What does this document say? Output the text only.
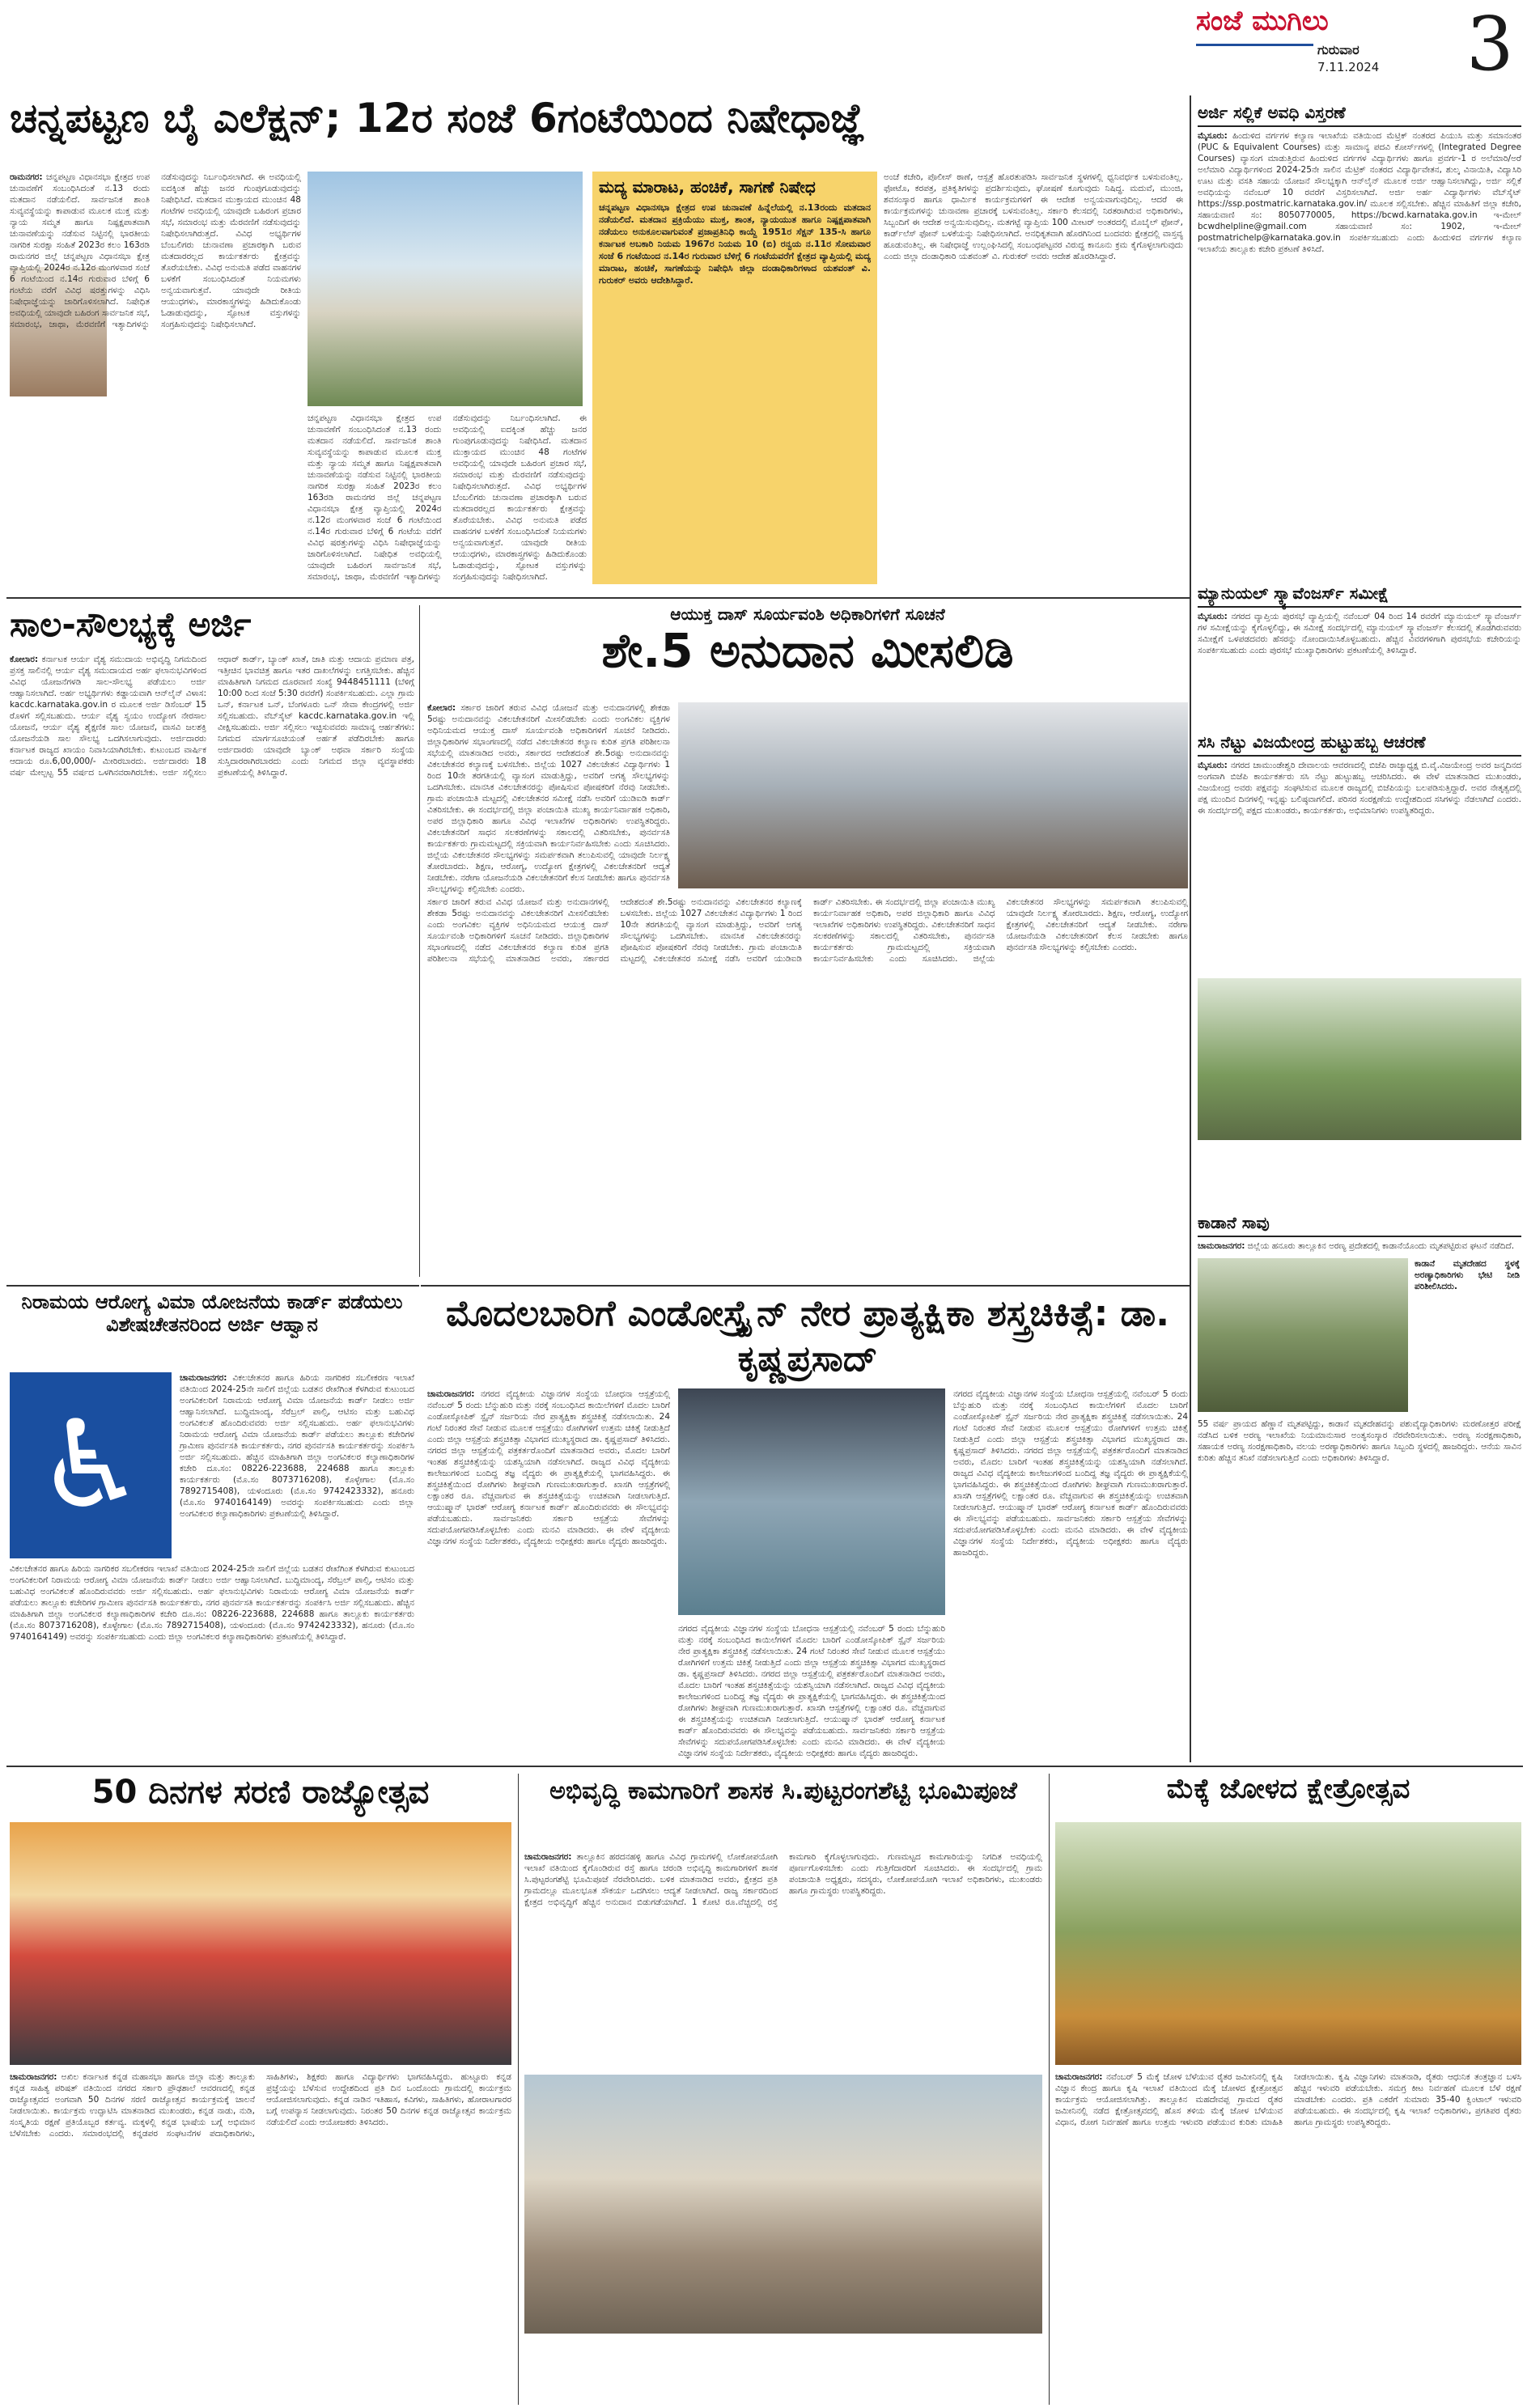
ಸಂಜೆ ಮುಗಿಲು
ಗುರುವಾರ
7.11.2024 3
ಚನ್ನಪಟ್ಟಣ ಬೈ ಎಲೆಕ್ಷನ್; 12ರ ಸಂಜೆ 6ಗಂಟೆಯಿಂದ ನಿಷೇಧಾಜ್ಞೆ
ರಾಮನಗರ: ಚನ್ನಪಟ್ಟಣ ವಿಧಾನಸಭಾ ಕ್ಷೇತ್ರದ ಉಪ ಚುನಾವಣೆಗೆ ಸಂಬಂಧಿಸಿದಂತೆ ನ.13 ರಂದು ಮತದಾನ ನಡೆಯಲಿದೆ. ಸಾರ್ವಜನಿಕ ಶಾಂತಿ ಸುವ್ಯವಸ್ಥೆಯನ್ನು ಕಾಪಾಡುವ ಮೂಲಕ ಮುಕ್ತ ಮತ್ತು ನ್ಯಾಯ ಸಮ್ಮತ ಹಾಗೂ ನಿಷ್ಪಕ್ಷಪಾತವಾಗಿ ಚುನಾವಣೆಯನ್ನು ನಡೆಸುವ ನಿಟ್ಟಿನಲ್ಲಿ ಭಾರತೀಯ ನಾಗರಿಕ ಸುರಕ್ಷಾ ಸಂಹಿತೆ 2023ರ ಕಲಂ 163ರಡಿ ರಾಮನಗರ ಜಿಲ್ಲೆ ಚನ್ನಪಟ್ಟಣ ವಿಧಾನಸಭಾ ಕ್ಷೇತ್ರ ವ್ಯಾಪ್ತಿಯಲ್ಲಿ 2024ರ ನ.12ರ ಮಂಗಳವಾರ ಸಂಜೆ 6 ಗಂಟೆಯಿಂದ ನ.14ರ ಗುರುವಾರ ಬೆಳಿಗ್ಗೆ 6 ಗಂಟೆಯ ವರೆಗೆ ವಿವಿಧ ಷರತ್ತುಗಳನ್ನು ವಿಧಿಸಿ ನಿಷೇಧಾಜ್ಞೆಯನ್ನು ಜಾರಿಗೊಳಿಸಲಾಗಿದೆ. ನಿಷೇಧಿತ ಅವಧಿಯಲ್ಲಿ ಯಾವುದೇ ಬಹಿರಂಗ ಸಾರ್ವಜನಿಕ ಸಭೆ, ಸಮಾರಂಭ, ಜಾಥಾ, ಮೆರವಣಿಗೆ ಇತ್ಯಾದಿಗಳನ್ನು ನಡೆಸುವುದನ್ನು ನಿರ್ಬಂಧಿಸಲಾಗಿದೆ. ಈ ಅವಧಿಯಲ್ಲಿ ಐದಕ್ಕಿಂತ ಹೆಚ್ಚು ಜನರ ಗುಂಪುಗೂಡುವುದನ್ನು ನಿಷೇಧಿಸಿದೆ. ಮತದಾನ ಮುಕ್ತಾಯದ ಮುಂಚಿನ 48 ಗಂಟೆಗಳ ಅವಧಿಯಲ್ಲಿ ಯಾವುದೇ ಬಹಿರಂಗ ಪ್ರಚಾರ ಸಭೆ, ಸಮಾರಂಭ ಮತ್ತು ಮೆರವಣಿಗೆ ನಡೆಸುವುದನ್ನು ನಿಷೇಧಿಸಲಾಗಿರುತ್ತದೆ. ವಿವಿಧ ಅಭ್ಯರ್ಥಿಗಳ ಬೆಂಬಲಿಗರು ಚುನಾವಣಾ ಪ್ರಚಾರಕ್ಕಾಗಿ ಬರುವ ಮತದಾರರಲ್ಲದ ಕಾರ್ಯಕರ್ತರು ಕ್ಷೇತ್ರವನ್ನು ತೊರೆಯಬೇಕು. ವಿವಿಧ ಅನುಮತಿ ಪಡೆದ ವಾಹನಗಳ ಬಳಕೆಗೆ ಸಂಬಂಧಿಸಿದಂತೆ ನಿಯಮಗಳು ಅನ್ವಯವಾಗುತ್ತವೆ. ಯಾವುದೇ ರೀತಿಯ ಆಯುಧಗಳು, ಮಾರಕಾಸ್ತ್ರಗಳನ್ನು ಹಿಡಿದುಕೊಂಡು ಓಡಾಡುವುದನ್ನು, ಸ್ಫೋಟಕ ವಸ್ತುಗಳನ್ನು ಸಂಗ್ರಹಿಸುವುದನ್ನು ನಿಷೇಧಿಸಲಾಗಿದೆ.
ಚನ್ನಪಟ್ಟಣ ವಿಧಾನಸಭಾ ಕ್ಷೇತ್ರದ ಉಪ ಚುನಾವಣೆಗೆ ಸಂಬಂಧಿಸಿದಂತೆ ನ.13 ರಂದು ಮತದಾನ ನಡೆಯಲಿದೆ. ಸಾರ್ವಜನಿಕ ಶಾಂತಿ ಸುವ್ಯವಸ್ಥೆಯನ್ನು ಕಾಪಾಡುವ ಮೂಲಕ ಮುಕ್ತ ಮತ್ತು ನ್ಯಾಯ ಸಮ್ಮತ ಹಾಗೂ ನಿಷ್ಪಕ್ಷಪಾತವಾಗಿ ಚುನಾವಣೆಯನ್ನು ನಡೆಸುವ ನಿಟ್ಟಿನಲ್ಲಿ ಭಾರತೀಯ ನಾಗರಿಕ ಸುರಕ್ಷಾ ಸಂಹಿತೆ 2023ರ ಕಲಂ 163ರಡಿ ರಾಮನಗರ ಜಿಲ್ಲೆ ಚನ್ನಪಟ್ಟಣ ವಿಧಾನಸಭಾ ಕ್ಷೇತ್ರ ವ್ಯಾಪ್ತಿಯಲ್ಲಿ 2024ರ ನ.12ರ ಮಂಗಳವಾರ ಸಂಜೆ 6 ಗಂಟೆಯಿಂದ ನ.14ರ ಗುರುವಾರ ಬೆಳಿಗ್ಗೆ 6 ಗಂಟೆಯ ವರೆಗೆ ವಿವಿಧ ಷರತ್ತುಗಳನ್ನು ವಿಧಿಸಿ ನಿಷೇಧಾಜ್ಞೆಯನ್ನು ಜಾರಿಗೊಳಿಸಲಾಗಿದೆ. ನಿಷೇಧಿತ ಅವಧಿಯಲ್ಲಿ ಯಾವುದೇ ಬಹಿರಂಗ ಸಾರ್ವಜನಿಕ ಸಭೆ, ಸಮಾರಂಭ, ಜಾಥಾ, ಮೆರವಣಿಗೆ ಇತ್ಯಾದಿಗಳನ್ನು ನಡೆಸುವುದನ್ನು ನಿರ್ಬಂಧಿಸಲಾಗಿದೆ. ಈ ಅವಧಿಯಲ್ಲಿ ಐದಕ್ಕಿಂತ ಹೆಚ್ಚು ಜನರ ಗುಂಪುಗೂಡುವುದನ್ನು ನಿಷೇಧಿಸಿದೆ. ಮತದಾನ ಮುಕ್ತಾಯದ ಮುಂಚಿನ 48 ಗಂಟೆಗಳ ಅವಧಿಯಲ್ಲಿ ಯಾವುದೇ ಬಹಿರಂಗ ಪ್ರಚಾರ ಸಭೆ, ಸಮಾರಂಭ ಮತ್ತು ಮೆರವಣಿಗೆ ನಡೆಸುವುದನ್ನು ನಿಷೇಧಿಸಲಾಗಿರುತ್ತದೆ. ವಿವಿಧ ಅಭ್ಯರ್ಥಿಗಳ ಬೆಂಬಲಿಗರು ಚುನಾವಣಾ ಪ್ರಚಾರಕ್ಕಾಗಿ ಬರುವ ಮತದಾರರಲ್ಲದ ಕಾರ್ಯಕರ್ತರು ಕ್ಷೇತ್ರವನ್ನು ತೊರೆಯಬೇಕು. ವಿವಿಧ ಅನುಮತಿ ಪಡೆದ ವಾಹನಗಳ ಬಳಕೆಗೆ ಸಂಬಂಧಿಸಿದಂತೆ ನಿಯಮಗಳು ಅನ್ವಯವಾಗುತ್ತವೆ. ಯಾವುದೇ ರೀತಿಯ ಆಯುಧಗಳು, ಮಾರಕಾಸ್ತ್ರಗಳನ್ನು ಹಿಡಿದುಕೊಂಡು ಓಡಾಡುವುದನ್ನು, ಸ್ಫೋಟಕ ವಸ್ತುಗಳನ್ನು ಸಂಗ್ರಹಿಸುವುದನ್ನು ನಿಷೇಧಿಸಲಾಗಿದೆ.
ಮದ್ಯ ಮಾರಾಟ, ಹಂಚಿಕೆ, ಸಾಗಣೆ ನಿಷೇಧ
ಚನ್ನಪಟ್ಟಣ ವಿಧಾನಸಭಾ ಕ್ಷೇತ್ರದ ಉಪ ಚುನಾವಣೆ ಹಿನ್ನೆಲೆಯಲ್ಲಿ ನ.13ರಂದು ಮತದಾನ ನಡೆಯಲಿದೆ. ಮತದಾನ ಪ್ರಕ್ರಿಯೆಯು ಮುಕ್ತ, ಶಾಂತ, ನ್ಯಾಯಯುತ ಹಾಗೂ ನಿಷ್ಪಕ್ಷಪಾತವಾಗಿ ನಡೆಯಲು ಅನುಕೂಲವಾಗುವಂತೆ ಪ್ರಜಾಪ್ರತಿನಿಧಿ ಕಾಯ್ದೆ 1951ರ ಸೆಕ್ಷನ್ 135-ಸಿ ಹಾಗೂ ಕರ್ನಾಟಕ ಅಬಕಾರಿ ನಿಯಮ 1967ರ ನಿಯಮ 10 (ಬಿ) ರನ್ವಯ ನ.11ರ ಸೋಮವಾರ ಸಂಜೆ 6 ಗಂಟೆಯಿಂದ ನ.14ರ ಗುರುವಾರ ಬೆಳಿಗ್ಗೆ 6 ಗಂಟೆಯವರೆಗೆ ಕ್ಷೇತ್ರದ ವ್ಯಾಪ್ತಿಯಲ್ಲಿ ಮದ್ಯ ಮಾರಾಟ, ಹಂಚಿಕೆ, ಸಾಗಣೆಯನ್ನು ನಿಷೇಧಿಸಿ ಜಿಲ್ಲಾ ದಂಡಾಧಿಕಾರಿಗಳಾದ ಯಶವಂತ್ ವಿ. ಗುರುಕರ್ ಅವರು ಆದೇಶಿಸಿದ್ದಾರೆ.
ಅಂಚೆ ಕಚೇರಿ, ಪೊಲೀಸ್ ಠಾಣೆ, ಆಸ್ಪತ್ರೆ ಹೊರತುಪಡಿಸಿ ಸಾರ್ವಜನಿಕ ಸ್ಥಳಗಳಲ್ಲಿ ಧ್ವನಿವರ್ಧಕ ಬಳಸುವಂತಿಲ್ಲ. ಫೋಟೊ, ಕರಪತ್ರ, ಪ್ರತಿಕೃತಿಗಳನ್ನು ಪ್ರದರ್ಶಿಸುವುದು, ಘೋಷಣೆ ಕೂಗುವುದು ನಿಷಿದ್ಧ. ಮದುವೆ, ಮುಂಜಿ, ಶವಸಂಸ್ಕಾರ ಹಾಗೂ ಧಾರ್ಮಿಕ ಕಾರ್ಯಕ್ರಮಗಳಿಗೆ ಈ ಆದೇಶ ಅನ್ವಯವಾಗುವುದಿಲ್ಲ. ಆದರೆ ಈ ಕಾರ್ಯಕ್ರಮಗಳನ್ನು ಚುನಾವಣಾ ಪ್ರಚಾರಕ್ಕೆ ಬಳಸುವಂತಿಲ್ಲ. ಸರ್ಕಾರಿ ಕೆಲಸದಲ್ಲಿ ನಿರತರಾಗಿರುವ ಅಧಿಕಾರಿಗಳು, ಸಿಬ್ಬಂದಿಗೆ ಈ ಆದೇಶ ಅನ್ವಯಿಸುವುದಿಲ್ಲ. ಮತಗಟ್ಟೆ ವ್ಯಾಪ್ತಿಯ 100 ಮೀಟರ್ ಅಂತರದಲ್ಲಿ ಮೊಬೈಲ್ ಫೋನ್, ಕಾರ್ಡ್‌ಲೆಸ್ ಫೋನ್ ಬಳಕೆಯನ್ನು ನಿಷೇಧಿಸಲಾಗಿದೆ. ಅನಧಿಕೃತವಾಗಿ ಹೊರಗಿನಿಂದ ಬಂದವರು ಕ್ಷೇತ್ರದಲ್ಲಿ ವಾಸ್ತವ್ಯ ಹೂಡುವಂತಿಲ್ಲ. ಈ ನಿಷೇಧಾಜ್ಞೆ ಉಲ್ಲಂಘಿಸಿದಲ್ಲಿ ಸಂಬಂಧಪಟ್ಟವರ ವಿರುದ್ಧ ಕಾನೂನು ಕ್ರಮ ಕೈಗೊಳ್ಳಲಾಗುವುದು ಎಂದು ಜಿಲ್ಲಾ ದಂಡಾಧಿಕಾರಿ ಯಶವಂತ್ ವಿ. ಗುರುಕರ್ ಅವರು ಆದೇಶ ಹೊರಡಿಸಿದ್ದಾರೆ.
ಅರ್ಜಿ ಸಲ್ಲಿಕೆ ಅವಧಿ ವಿಸ್ತರಣೆ
ಮೈಸೂರು: ಹಿಂದುಳಿದ ವರ್ಗಗಳ ಕಲ್ಯಾಣ ಇಲಾಖೆಯ ವತಿಯಿಂದ ಮೆಟ್ರಿಕ್ ನಂತರದ ಪಿಯುಸಿ ಮತ್ತು ಸಮಾನಂತರ (PUC & Equivalent Courses) ಮತ್ತು ಸಾಮಾನ್ಯ ಪದವಿ ಕೋರ್ಸ್‌ಗಳಲ್ಲಿ (Integrated Degree Courses) ವ್ಯಾಸಂಗ ಮಾಡುತ್ತಿರುವ ಹಿಂದುಳಿದ ವರ್ಗಗಳ ವಿದ್ಯಾರ್ಥಿಗಳು ಹಾಗೂ ಪ್ರವರ್ಗ-1 ರ ಅಲೆಮಾರಿ/ಅರೆ ಅಲೆಮಾರಿ ವಿದ್ಯಾರ್ಥಿಗಳಿಂದ 2024-25ನೇ ಸಾಲಿನ ಮೆಟ್ರಿಕ್ ನಂತರದ ವಿದ್ಯಾರ್ಥಿವೇತನ, ಶುಲ್ಕ ವಿನಾಯಿತಿ, ವಿದ್ಯಾಸಿರಿ ಊಟ ಮತ್ತು ವಸತಿ ಸಹಾಯ ಯೋಜನೆ ಸೌಲಭ್ಯಕ್ಕಾಗಿ ಆನ್‌ಲೈನ್ ಮೂಲಕ ಅರ್ಜಿ ಆಹ್ವಾನಿಸಲಾಗಿದ್ದು, ಅರ್ಜಿ ಸಲ್ಲಿಕೆ ಅವಧಿಯನ್ನು ನವೆಂಬರ್ 10 ರವರೆಗೆ ವಿಸ್ತರಿಸಲಾಗಿದೆ. ಅರ್ಜಿ ಅರ್ಹ ವಿದ್ಯಾರ್ಥಿಗಳು ವೆಬ್‌ಸೈಟ್ https://ssp.postmatric.karnataka.gov.in/ ಮೂಲಕ ಸಲ್ಲಿಸಬೇಕು. ಹೆಚ್ಚಿನ ಮಾಹಿತಿಗೆ ಜಿಲ್ಲಾ ಕಚೇರಿ, ಸಹಾಯವಾಣಿ ಸಂ: 8050770005, https://bcwd.karnataka.gov.in ಇ-ಮೇಲ್ bcwdhelpline@gmail.com ಸಹಾಯವಾಣಿ ಸಂ: 1902, ಇ-ಮೇಲ್ postmatrichelp@karnataka.gov.in ಸಂಪರ್ಕಿಸಬಹುದು ಎಂದು ಹಿಂದುಳಿದ ವರ್ಗಗಳ ಕಲ್ಯಾಣ ಇಲಾಖೆಯ ತಾಲ್ಲೂಕು ಕಚೇರಿ ಪ್ರಕಟಣೆ ತಿಳಿಸಿದೆ.
ಮ್ಯಾನುಯಲ್ ಸ್ಕ್ಯಾವೆಂಜರ್ಸ್ ಸಮೀಕ್ಷೆ
ಮೈಸೂರು: ನಗರದ ವ್ಯಾಪ್ತಿಯ ಪುರಸಭೆ ವ್ಯಾಪ್ತಿಯಲ್ಲಿ ನವೆಂಬರ್ 04 ರಿಂದ 14 ರವರೆಗೆ ಮ್ಯಾನುಯಲ್ ಸ್ಕ್ಯಾವೆಂಜರ್ಸ್ ಗಳ ಸಮೀಕ್ಷೆಯನ್ನು ಕೈಗೊಳ್ಳಲಿದ್ದು, ಈ ಸಮೀಕ್ಷೆ ಸಂದರ್ಭದಲ್ಲಿ ಮ್ಯಾನುಯಲ್ ಸ್ಕ್ಯಾವೆಂಜರ್ಸ್ ಕೆಲಸದಲ್ಲಿ ತೊಡಗಿರುವವರು ಸಮೀಕ್ಷೆಗೆ ಒಳಪಡದವರು ಹೆಸರನ್ನು ನೋಂದಾಯಿಸಿಕೊಳ್ಳಬಹುದು. ಹೆಚ್ಚಿನ ವಿವರಗಳಿಗಾಗಿ ಪುರಸಭೆಯ ಕಚೇರಿಯನ್ನು ಸಂಪರ್ಕಿಸಬಹುದು ಎಂದು ಪುರಸಭೆ ಮುಖ್ಯಾಧಿಕಾರಿಗಳು ಪ್ರಕಟಣೆಯಲ್ಲಿ ತಿಳಿಸಿದ್ದಾರೆ.
ಸಸಿ ನೆಟ್ಟು ವಿಜಯೇಂದ್ರ ಹುಟ್ಟುಹಬ್ಬ ಆಚರಣೆ
ಮೈಸೂರು: ನಗರದ ಚಾಮುಂಡೇಶ್ವರಿ ದೇವಾಲಯ ಆವರಣದಲ್ಲಿ ಬಿಜೆಪಿ ರಾಜ್ಯಾಧ್ಯಕ್ಷ ಬಿ.ವೈ.ವಿಜಯೇಂದ್ರ ಅವರ ಜನ್ಮದಿನದ ಅಂಗವಾಗಿ ಬಿಜೆಪಿ ಕಾರ್ಯಕರ್ತರು ಸಸಿ ನೆಟ್ಟು ಹುಟ್ಟುಹಬ್ಬ ಆಚರಿಸಿದರು. ಈ ವೇಳೆ ಮಾತನಾಡಿದ ಮುಖಂಡರು, ವಿಜಯೇಂದ್ರ ಅವರು ಪಕ್ಷವನ್ನು ಸಂಘಟಿಸುವ ಮೂಲಕ ರಾಜ್ಯದಲ್ಲಿ ಬಿಜೆಪಿಯನ್ನು ಬಲಪಡಿಸುತ್ತಿದ್ದಾರೆ. ಅವರ ನೇತೃತ್ವದಲ್ಲಿ ಪಕ್ಷ ಮುಂದಿನ ದಿನಗಳಲ್ಲಿ ಇನ್ನಷ್ಟು ಬಲಿಷ್ಠವಾಗಲಿದೆ. ಪರಿಸರ ಸಂರಕ್ಷಣೆಯ ಉದ್ದೇಶದಿಂದ ಸಸಿಗಳನ್ನು ನೆಡಲಾಗಿದೆ ಎಂದರು. ಈ ಸಂದರ್ಭದಲ್ಲಿ ಪಕ್ಷದ ಮುಖಂಡರು, ಕಾರ್ಯಕರ್ತರು, ಅಭಿಮಾನಿಗಳು ಉಪಸ್ಥಿತರಿದ್ದರು.
ಕಾಡಾನೆ ಸಾವು
ಚಾಮರಾಜನಗರ: ಜಿಲ್ಲೆಯ ಹನೂರು ತಾಲ್ಲೂಕಿನ ಅರಣ್ಯ ಪ್ರದೇಶದಲ್ಲಿ ಕಾಡಾನೆಯೊಂದು ಮೃತಪಟ್ಟಿರುವ ಘಟನೆ ನಡೆದಿದೆ.
ಕಾಡಾನೆ ಮೃತದೇಹದ ಸ್ಥಳಕ್ಕೆ ಅರಣ್ಯಾಧಿಕಾರಿಗಳು ಭೇಟಿ ನೀಡಿ ಪರಿಶೀಲಿಸಿದರು.
55 ವರ್ಷ ಪ್ರಾಯದ ಹೆಣ್ಣಾನೆ ಮೃತಪಟ್ಟಿದ್ದು, ಕಾಡಾನೆ ಮೃತದೇಹವನ್ನು ಪಶುವೈದ್ಯಾಧಿಕಾರಿಗಳು ಮರಣೋತ್ತರ ಪರೀಕ್ಷೆ ನಡೆಸಿದ ಬಳಿಕ ಅರಣ್ಯ ಇಲಾಖೆಯ ನಿಯಮಾನುಸಾರ ಅಂತ್ಯಸಂಸ್ಕಾರ ನೆರವೇರಿಸಲಾಯಿತು. ಅರಣ್ಯ ಸಂರಕ್ಷಣಾಧಿಕಾರಿ, ಸಹಾಯಕ ಅರಣ್ಯ ಸಂರಕ್ಷಣಾಧಿಕಾರಿ, ವಲಯ ಅರಣ್ಯಾಧಿಕಾರಿಗಳು ಹಾಗೂ ಸಿಬ್ಬಂದಿ ಸ್ಥಳದಲ್ಲಿ ಹಾಜರಿದ್ದರು. ಆನೆಯ ಸಾವಿನ ಕುರಿತು ಹೆಚ್ಚಿನ ತನಿಖೆ ನಡೆಸಲಾಗುತ್ತಿದೆ ಎಂದು ಅಧಿಕಾರಿಗಳು ತಿಳಿಸಿದ್ದಾರೆ.
ಸಾಲ-ಸೌಲಭ್ಯಕ್ಕೆ ಅರ್ಜಿ
ಕೋಲಾರ: ಕರ್ನಾಟಕ ಆರ್ಯ ವೈಶ್ಯ ಸಮುದಾಯ ಅಭಿವೃದ್ಧಿ ನಿಗಮದಿಂದ ಪ್ರಸಕ್ತ ಸಾಲಿನಲ್ಲಿ ಆರ್ಯ ವೈಶ್ಯ ಸಮುದಾಯದ ಅರ್ಹ ಫಲಾನುಭವಿಗಳಿಂದ ವಿವಿಧ ಯೋಜನೆಗಳಡಿ ಸಾಲ-ಸೌಲಭ್ಯ ಪಡೆಯಲು ಅರ್ಜಿ ಆಹ್ವಾನಿಸಲಾಗಿದೆ. ಅರ್ಹ ಅಭ್ಯರ್ಥಿಗಳು ಕಡ್ಡಾಯವಾಗಿ ಆನ್‌ಲೈನ್ ವಿಳಾಸ: kacdc.karnataka.gov.in ರ ಮೂಲಕ ಅರ್ಜಿ ಡಿಸೆಂಬರ್ 15 ರೊಳಗೆ ಸಲ್ಲಿಸಬಹುದು. ಆರ್ಯ ವೈಶ್ಯ ಸ್ವಯಂ ಉದ್ಯೋಗ ನೇರಸಾಲ ಯೋಜನೆ, ಆರ್ಯ ವೈಶ್ಯ ಶೈಕ್ಷಣಿಕ ಸಾಲ ಯೋಜನೆ, ವಾಸವಿ ಜಲಶಕ್ತಿ ಯೋಜನೆಯಡಿ ಸಾಲ ಸೌಲಭ್ಯ ಒದಗಿಸಲಾಗುವುದು. ಅರ್ಜಿದಾರರು ಕರ್ನಾಟಕ ರಾಜ್ಯದ ಖಾಯಂ ನಿವಾಸಿಯಾಗಿರಬೇಕು. ಕುಟುಂಬದ ವಾರ್ಷಿಕ ಆದಾಯ ರೂ.6,00,000/- ಮೀರಿರಬಾರದು. ಅರ್ಜಿದಾರರು 18 ವರ್ಷ ಮೇಲ್ಪಟ್ಟ 55 ವರ್ಷದ ಒಳಗಿನವರಾಗಿರಬೇಕು. ಅರ್ಜಿ ಸಲ್ಲಿಸಲು ಆಧಾರ್ ಕಾರ್ಡ್, ಬ್ಯಾಂಕ್ ಖಾತೆ, ಜಾತಿ ಮತ್ತು ಆದಾಯ ಪ್ರಮಾಣ ಪತ್ರ, ಇತ್ತೀಚಿನ ಭಾವಚಿತ್ರ ಹಾಗೂ ಇತರ ದಾಖಲೆಗಳನ್ನು ಲಗತ್ತಿಸಬೇಕು. ಹೆಚ್ಚಿನ ಮಾಹಿತಿಗಾಗಿ ನಿಗಮದ ದೂರವಾಣಿ ಸಂಖ್ಯೆ 9448451111 (ಬೆಳಿಗ್ಗೆ 10:00 ರಿಂದ ಸಂಜೆ 5:30 ರವರೆಗೆ) ಸಂಪರ್ಕಿಸಬಹುದು. ಎಲ್ಲಾ ಗ್ರಾಮ ಒನ್, ಕರ್ನಾಟಕ ಒನ್, ಬೆಂಗಳೂರು ಒನ್ ಸೇವಾ ಕೇಂದ್ರಗಳಲ್ಲಿ ಅರ್ಜಿ ಸಲ್ಲಿಸಬಹುದು. ವೆಬ್‌ಸೈಟ್ kacdc.karnataka.gov.in ಇಲ್ಲಿ ವೀಕ್ಷಿಸಬಹುದು. ಅರ್ಜಿ ಸಲ್ಲಿಸಲು ಇಚ್ಛಿಸುವವರು ಸಾಮಾನ್ಯ ಆರ್ಹತೆಗಳು: ನಿಗಮದ ಮಾರ್ಗಸೂಚಿಯಂತೆ ಅರ್ಹತೆ ಪಡೆದಿರಬೇಕು ಹಾಗೂ ಅರ್ಜಿದಾರರು ಯಾವುದೇ ಬ್ಯಾಂಕ್ ಅಥವಾ ಸರ್ಕಾರಿ ಸಂಸ್ಥೆಯ ಸುಸ್ತಿದಾರರಾಗಿರಬಾರದು ಎಂದು ನಿಗಮದ ಜಿಲ್ಲಾ ವ್ಯವಸ್ಥಾಪಕರು ಪ್ರಕಟಣೆಯಲ್ಲಿ ತಿಳಿಸಿದ್ದಾರೆ.
ಆಯುಕ್ತ ದಾಸ್ ಸೂರ್ಯವಂಶಿ ಅಧಿಕಾರಿಗಳಿಗೆ ಸೂಚನೆ
ಶೇ.5 ಅನುದಾನ ಮೀಸಲಿಡಿ
ಕೋಲಾರ: ಸರ್ಕಾರ ಜಾರಿಗೆ ತರುವ ವಿವಿಧ ಯೋಜನೆ ಮತ್ತು ಅನುದಾನಗಳಲ್ಲಿ ಶೇಕಡಾ 5ರಷ್ಟು ಅನುದಾನವನ್ನು ವಿಕಲಚೇತನರಿಗೆ ಮೀಸಲಿಡಬೇಕು ಎಂದು ಅಂಗವಿಕಲ ವ್ಯಕ್ತಿಗಳ ಅಧಿನಿಯಮದ ಆಯುಕ್ತ ದಾಸ್ ಸೂರ್ಯವಂಶಿ ಅಧಿಕಾರಿಗಳಿಗೆ ಸೂಚನೆ ನೀಡಿದರು. ಜಿಲ್ಲಾಧಿಕಾರಿಗಳ ಸಭಾಂಗಣದಲ್ಲಿ ನಡೆದ ವಿಕಲಚೇತನರ ಕಲ್ಯಾಣ ಕುರಿತ ಪ್ರಗತಿ ಪರಿಶೀಲನಾ ಸಭೆಯಲ್ಲಿ ಮಾತನಾಡಿದ ಅವರು, ಸರ್ಕಾರದ ಆದೇಶದಂತೆ ಶೇ.5ರಷ್ಟು ಅನುದಾನವನ್ನು ವಿಕಲಚೇತನರ ಕಲ್ಯಾಣಕ್ಕೆ ಬಳಸಬೇಕು. ಜಿಲ್ಲೆಯ 1027 ವಿಕಲಚೇತನ ವಿದ್ಯಾರ್ಥಿಗಳು 1 ರಿಂದ 10ನೇ ತರಗತಿಯಲ್ಲಿ ವ್ಯಾಸಂಗ ಮಾಡುತ್ತಿದ್ದು, ಅವರಿಗೆ ಅಗತ್ಯ ಸೌಲಭ್ಯಗಳನ್ನು ಒದಗಿಸಬೇಕು. ಮಾನಸಿಕ ವಿಕಲಚೇತನರನ್ನು ಪೋಷಿಸುವ ಪೋಷಕರಿಗೆ ನೆರವು ನೀಡಬೇಕು. ಗ್ರಾಮ ಪಂಚಾಯಿತಿ ಮಟ್ಟದಲ್ಲಿ ವಿಕಲಚೇತನರ ಸಮೀಕ್ಷೆ ನಡೆಸಿ ಅವರಿಗೆ ಯುಡಿಐಡಿ ಕಾರ್ಡ್ ವಿತರಿಸಬೇಕು. ಈ ಸಂದರ್ಭದಲ್ಲಿ ಜಿಲ್ಲಾ ಪಂಚಾಯಿತಿ ಮುಖ್ಯ ಕಾರ್ಯನಿರ್ವಾಹಕ ಅಧಿಕಾರಿ, ಅಪರ ಜಿಲ್ಲಾಧಿಕಾರಿ ಹಾಗೂ ವಿವಿಧ ಇಲಾಖೆಗಳ ಅಧಿಕಾರಿಗಳು ಉಪಸ್ಥಿತರಿದ್ದರು. ವಿಕಲಚೇತನರಿಗೆ ಸಾಧನ ಸಲಕರಣೆಗಳನ್ನು ಸಕಾಲದಲ್ಲಿ ವಿತರಿಸಬೇಕು, ಪುನರ್ವಸತಿ ಕಾರ್ಯಕರ್ತರು ಗ್ರಾಮಮಟ್ಟದಲ್ಲಿ ಸಕ್ರಿಯವಾಗಿ ಕಾರ್ಯನಿರ್ವಹಿಸಬೇಕು ಎಂದು ಸೂಚಿಸಿದರು. ಜಿಲ್ಲೆಯ ವಿಕಲಚೇತನರ ಸೌಲಭ್ಯಗಳನ್ನು ಸಮರ್ಪಕವಾಗಿ ತಲುಪಿಸುವಲ್ಲಿ ಯಾವುದೇ ನಿರ್ಲಕ್ಷ್ಯ ತೋರಬಾರದು. ಶಿಕ್ಷಣ, ಆರೋಗ್ಯ, ಉದ್ಯೋಗ ಕ್ಷೇತ್ರಗಳಲ್ಲಿ ವಿಕಲಚೇತನರಿಗೆ ಆದ್ಯತೆ ನೀಡಬೇಕು. ನರೇಗಾ ಯೋಜನೆಯಡಿ ವಿಕಲಚೇತನರಿಗೆ ಕೆಲಸ ನೀಡಬೇಕು ಹಾಗೂ ಪುನರ್ವಸತಿ ಸೌಲಭ್ಯಗಳನ್ನು ಕಲ್ಪಿಸಬೇಕು ಎಂದರು.
ಸರ್ಕಾರ ಜಾರಿಗೆ ತರುವ ವಿವಿಧ ಯೋಜನೆ ಮತ್ತು ಅನುದಾನಗಳಲ್ಲಿ ಶೇಕಡಾ 5ರಷ್ಟು ಅನುದಾನವನ್ನು ವಿಕಲಚೇತನರಿಗೆ ಮೀಸಲಿಡಬೇಕು ಎಂದು ಅಂಗವಿಕಲ ವ್ಯಕ್ತಿಗಳ ಅಧಿನಿಯಮದ ಆಯುಕ್ತ ದಾಸ್ ಸೂರ್ಯವಂಶಿ ಅಧಿಕಾರಿಗಳಿಗೆ ಸೂಚನೆ ನೀಡಿದರು. ಜಿಲ್ಲಾಧಿಕಾರಿಗಳ ಸಭಾಂಗಣದಲ್ಲಿ ನಡೆದ ವಿಕಲಚೇತನರ ಕಲ್ಯಾಣ ಕುರಿತ ಪ್ರಗತಿ ಪರಿಶೀಲನಾ ಸಭೆಯಲ್ಲಿ ಮಾತನಾಡಿದ ಅವರು, ಸರ್ಕಾರದ ಆದೇಶದಂತೆ ಶೇ.5ರಷ್ಟು ಅನುದಾನವನ್ನು ವಿಕಲಚೇತನರ ಕಲ್ಯಾಣಕ್ಕೆ ಬಳಸಬೇಕು. ಜಿಲ್ಲೆಯ 1027 ವಿಕಲಚೇತನ ವಿದ್ಯಾರ್ಥಿಗಳು 1 ರಿಂದ 10ನೇ ತರಗತಿಯಲ್ಲಿ ವ್ಯಾಸಂಗ ಮಾಡುತ್ತಿದ್ದು, ಅವರಿಗೆ ಅಗತ್ಯ ಸೌಲಭ್ಯಗಳನ್ನು ಒದಗಿಸಬೇಕು. ಮಾನಸಿಕ ವಿಕಲಚೇತನರನ್ನು ಪೋಷಿಸುವ ಪೋಷಕರಿಗೆ ನೆರವು ನೀಡಬೇಕು. ಗ್ರಾಮ ಪಂಚಾಯಿತಿ ಮಟ್ಟದಲ್ಲಿ ವಿಕಲಚೇತನರ ಸಮೀಕ್ಷೆ ನಡೆಸಿ ಅವರಿಗೆ ಯುಡಿಐಡಿ ಕಾರ್ಡ್ ವಿತರಿಸಬೇಕು. ಈ ಸಂದರ್ಭದಲ್ಲಿ ಜಿಲ್ಲಾ ಪಂಚಾಯಿತಿ ಮುಖ್ಯ ಕಾರ್ಯನಿರ್ವಾಹಕ ಅಧಿಕಾರಿ, ಅಪರ ಜಿಲ್ಲಾಧಿಕಾರಿ ಹಾಗೂ ವಿವಿಧ ಇಲಾಖೆಗಳ ಅಧಿಕಾರಿಗಳು ಉಪಸ್ಥಿತರಿದ್ದರು. ವಿಕಲಚೇತನರಿಗೆ ಸಾಧನ ಸಲಕರಣೆಗಳನ್ನು ಸಕಾಲದಲ್ಲಿ ವಿತರಿಸಬೇಕು, ಪುನರ್ವಸತಿ ಕಾರ್ಯಕರ್ತರು ಗ್ರಾಮಮಟ್ಟದಲ್ಲಿ ಸಕ್ರಿಯವಾಗಿ ಕಾರ್ಯನಿರ್ವಹಿಸಬೇಕು ಎಂದು ಸೂಚಿಸಿದರು. ಜಿಲ್ಲೆಯ ವಿಕಲಚೇತನರ ಸೌಲಭ್ಯಗಳನ್ನು ಸಮರ್ಪಕವಾಗಿ ತಲುಪಿಸುವಲ್ಲಿ ಯಾವುದೇ ನಿರ್ಲಕ್ಷ್ಯ ತೋರಬಾರದು. ಶಿಕ್ಷಣ, ಆರೋಗ್ಯ, ಉದ್ಯೋಗ ಕ್ಷೇತ್ರಗಳಲ್ಲಿ ವಿಕಲಚೇತನರಿಗೆ ಆದ್ಯತೆ ನೀಡಬೇಕು. ನರೇಗಾ ಯೋಜನೆಯಡಿ ವಿಕಲಚೇತನರಿಗೆ ಕೆಲಸ ನೀಡಬೇಕು ಹಾಗೂ ಪುನರ್ವಸತಿ ಸೌಲಭ್ಯಗಳನ್ನು ಕಲ್ಪಿಸಬೇಕು ಎಂದರು.
ನಿರಾಮಯ ಆರೋಗ್ಯ ವಿಮಾ ಯೋಜನೆಯ ಕಾರ್ಡ್ ಪಡೆಯಲು ವಿಶೇಷಚೇತನರಿಂದ ಅರ್ಜಿ ಆಹ್ವಾನ
♿
ಚಾಮರಾಜನಗರ: ವಿಕಲಚೇತನರ ಹಾಗೂ ಹಿರಿಯ ನಾಗರಿಕರ ಸಬಲೀಕರಣ ಇಲಾಖೆ ವತಿಯಿಂದ 2024-25ನೇ ಸಾಲಿಗೆ ಜಿಲ್ಲೆಯ ಬಡತನ ರೇಖೆಗಿಂತ ಕೆಳಗಿರುವ ಕುಟುಂಬದ ಅಂಗವಿಕಲರಿಗೆ ನಿರಾಮಯ ಆರೋಗ್ಯ ವಿಮಾ ಯೋಜನೆಯ ಕಾರ್ಡ್ ನೀಡಲು ಅರ್ಜಿ ಆಹ್ವಾನಿಸಲಾಗಿದೆ. ಬುದ್ಧಿಮಾಂದ್ಯ, ಸೆರೆಬ್ರಲ್ ಪಾಲ್ಸಿ, ಆಟಿಸಂ ಮತ್ತು ಬಹುವಿಧ ಅಂಗವಿಕಲತೆ ಹೊಂದಿರುವವರು ಅರ್ಜಿ ಸಲ್ಲಿಸಬಹುದು. ಅರ್ಹ ಫಲಾನುಭವಿಗಳು ನಿರಾಮಯ ಆರೋಗ್ಯ ವಿಮಾ ಯೋಜನೆಯ ಕಾರ್ಡ್ ಪಡೆಯಲು ತಾಲ್ಲೂಕು ಕಚೇರಿಗಳ ಗ್ರಾಮೀಣ ಪುನರ್ವಸತಿ ಕಾರ್ಯಕರ್ತರು, ನಗರ ಪುನರ್ವಸತಿ ಕಾರ್ಯಕರ್ತರನ್ನು ಸಂಪರ್ಕಿಸಿ ಅರ್ಜಿ ಸಲ್ಲಿಸಬಹುದು. ಹೆಚ್ಚಿನ ಮಾಹಿತಿಗಾಗಿ ಜಿಲ್ಲಾ ಅಂಗವಿಕಲರ ಕಲ್ಯಾಣಾಧಿಕಾರಿಗಳ ಕಚೇರಿ ದೂ.ಸಂ: 08226-223688, 224688 ಹಾಗೂ ತಾಲ್ಲೂಕು ಕಾರ್ಯಕರ್ತರು (ಮೊ.ಸಂ 8073716208), ಕೊಳ್ಳೇಗಾಲ (ಮೊ.ಸಂ 7892715408), ಯಳಂದೂರು (ಮೊ.ಸಂ 9742423332), ಹನೂರು (ಮೊ.ಸಂ 9740164149) ಅವರನ್ನು ಸಂಪರ್ಕಿಸಬಹುದು ಎಂದು ಜಿಲ್ಲಾ ಅಂಗವಿಕಲರ ಕಲ್ಯಾಣಾಧಿಕಾರಿಗಳು ಪ್ರಕಟಣೆಯಲ್ಲಿ ತಿಳಿಸಿದ್ದಾರೆ.
ವಿಕಲಚೇತನರ ಹಾಗೂ ಹಿರಿಯ ನಾಗರಿಕರ ಸಬಲೀಕರಣ ಇಲಾಖೆ ವತಿಯಿಂದ 2024-25ನೇ ಸಾಲಿಗೆ ಜಿಲ್ಲೆಯ ಬಡತನ ರೇಖೆಗಿಂತ ಕೆಳಗಿರುವ ಕುಟುಂಬದ ಅಂಗವಿಕಲರಿಗೆ ನಿರಾಮಯ ಆರೋಗ್ಯ ವಿಮಾ ಯೋಜನೆಯ ಕಾರ್ಡ್ ನೀಡಲು ಅರ್ಜಿ ಆಹ್ವಾನಿಸಲಾಗಿದೆ. ಬುದ್ಧಿಮಾಂದ್ಯ, ಸೆರೆಬ್ರಲ್ ಪಾಲ್ಸಿ, ಆಟಿಸಂ ಮತ್ತು ಬಹುವಿಧ ಅಂಗವಿಕಲತೆ ಹೊಂದಿರುವವರು ಅರ್ಜಿ ಸಲ್ಲಿಸಬಹುದು. ಅರ್ಹ ಫಲಾನುಭವಿಗಳು ನಿರಾಮಯ ಆರೋಗ್ಯ ವಿಮಾ ಯೋಜನೆಯ ಕಾರ್ಡ್ ಪಡೆಯಲು ತಾಲ್ಲೂಕು ಕಚೇರಿಗಳ ಗ್ರಾಮೀಣ ಪುನರ್ವಸತಿ ಕಾರ್ಯಕರ್ತರು, ನಗರ ಪುನರ್ವಸತಿ ಕಾರ್ಯಕರ್ತರನ್ನು ಸಂಪರ್ಕಿಸಿ ಅರ್ಜಿ ಸಲ್ಲಿಸಬಹುದು. ಹೆಚ್ಚಿನ ಮಾಹಿತಿಗಾಗಿ ಜಿಲ್ಲಾ ಅಂಗವಿಕಲರ ಕಲ್ಯಾಣಾಧಿಕಾರಿಗಳ ಕಚೇರಿ ದೂ.ಸಂ: 08226-223688, 224688 ಹಾಗೂ ತಾಲ್ಲೂಕು ಕಾರ್ಯಕರ್ತರು (ಮೊ.ಸಂ 8073716208), ಕೊಳ್ಳೇಗಾಲ (ಮೊ.ಸಂ 7892715408), ಯಳಂದೂರು (ಮೊ.ಸಂ 9742423332), ಹನೂರು (ಮೊ.ಸಂ 9740164149) ಅವರನ್ನು ಸಂಪರ್ಕಿಸಬಹುದು ಎಂದು ಜಿಲ್ಲಾ ಅಂಗವಿಕಲರ ಕಲ್ಯಾಣಾಧಿಕಾರಿಗಳು ಪ್ರಕಟಣೆಯಲ್ಲಿ ತಿಳಿಸಿದ್ದಾರೆ.
ಮೊದಲಬಾರಿಗೆ ಎಂಡೋಸ್ಕ್ರೈನ್ ನೇರ ಪ್ರಾತ್ಯಕ್ಷಿಕಾ ಶಸ್ತ್ರಚಿಕಿತ್ಸೆ: ಡಾ. ಕೃಷ್ಣಪ್ರಸಾದ್
ಚಾಮರಾಜನಗರ: ನಗರದ ವೈದ್ಯಕೀಯ ವಿಜ್ಞಾನಗಳ ಸಂಸ್ಥೆಯ ಬೋಧನಾ ಆಸ್ಪತ್ರೆಯಲ್ಲಿ ನವೆಂಬರ್ 5 ರಂದು ಬೆನ್ನುಹುರಿ ಮತ್ತು ನರಕ್ಕೆ ಸಂಬಂಧಿಸಿದ ಕಾಯಿಲೆಗಳಿಗೆ ಮೊದಲ ಬಾರಿಗೆ ಎಂಡೋಸ್ಕೋಪಿಕ್ ಸ್ಪೈನ್ ಸರ್ಜರಿಯ ನೇರ ಪ್ರಾತ್ಯಕ್ಷಿಕಾ ಶಸ್ತ್ರಚಿಕಿತ್ಸೆ ನಡೆಸಲಾಯಿತು. 24 ಗಂಟೆ ನಿರಂತರ ಸೇವೆ ನೀಡುವ ಮೂಲಕ ಆಸ್ಪತ್ರೆಯು ರೋಗಿಗಳಿಗೆ ಉತ್ತಮ ಚಿಕಿತ್ಸೆ ನೀಡುತ್ತಿದೆ ಎಂದು ಜಿಲ್ಲಾ ಆಸ್ಪತ್ರೆಯ ಶಸ್ತ್ರಚಿಕಿತ್ಸಾ ವಿಭಾಗದ ಮುಖ್ಯಸ್ಥರಾದ ಡಾ. ಕೃಷ್ಣಪ್ರಸಾದ್ ತಿಳಿಸಿದರು. ನಗರದ ಜಿಲ್ಲಾ ಆಸ್ಪತ್ರೆಯಲ್ಲಿ ಪತ್ರಕರ್ತರೊಂದಿಗೆ ಮಾತನಾಡಿದ ಅವರು, ಮೊದಲ ಬಾರಿಗೆ ಇಂತಹ ಶಸ್ತ್ರಚಿಕಿತ್ಸೆಯನ್ನು ಯಶಸ್ವಿಯಾಗಿ ನಡೆಸಲಾಗಿದೆ. ರಾಜ್ಯದ ವಿವಿಧ ವೈದ್ಯಕೀಯ ಕಾಲೇಜುಗಳಿಂದ ಬಂದಿದ್ದ ತಜ್ಞ ವೈದ್ಯರು ಈ ಪ್ರಾತ್ಯಕ್ಷಿಕೆಯಲ್ಲಿ ಭಾಗವಹಿಸಿದ್ದರು. ಈ ಶಸ್ತ್ರಚಿಕಿತ್ಸೆಯಿಂದ ರೋಗಿಗಳು ಶೀಘ್ರವಾಗಿ ಗುಣಮುಖರಾಗುತ್ತಾರೆ. ಖಾಸಗಿ ಆಸ್ಪತ್ರೆಗಳಲ್ಲಿ ಲಕ್ಷಾಂತರ ರೂ. ವೆಚ್ಚವಾಗುವ ಈ ಶಸ್ತ್ರಚಿಕಿತ್ಸೆಯನ್ನು ಉಚಿತವಾಗಿ ನೀಡಲಾಗುತ್ತಿದೆ. ಆಯುಷ್ಮಾನ್ ಭಾರತ್ ಆರೋಗ್ಯ ಕರ್ನಾಟಕ ಕಾರ್ಡ್ ಹೊಂದಿರುವವರು ಈ ಸೌಲಭ್ಯವನ್ನು ಪಡೆಯಬಹುದು. ಸಾರ್ವಜನಿಕರು ಸರ್ಕಾರಿ ಆಸ್ಪತ್ರೆಯ ಸೇವೆಗಳನ್ನು ಸದುಪಯೋಗಪಡಿಸಿಕೊಳ್ಳಬೇಕು ಎಂದು ಮನವಿ ಮಾಡಿದರು. ಈ ವೇಳೆ ವೈದ್ಯಕೀಯ ವಿಜ್ಞಾನಗಳ ಸಂಸ್ಥೆಯ ನಿರ್ದೇಶಕರು, ವೈದ್ಯಕೀಯ ಅಧೀಕ್ಷಕರು ಹಾಗೂ ವೈದ್ಯರು ಹಾಜರಿದ್ದರು.
ನಗರದ ವೈದ್ಯಕೀಯ ವಿಜ್ಞಾನಗಳ ಸಂಸ್ಥೆಯ ಬೋಧನಾ ಆಸ್ಪತ್ರೆಯಲ್ಲಿ ನವೆಂಬರ್ 5 ರಂದು ಬೆನ್ನುಹುರಿ ಮತ್ತು ನರಕ್ಕೆ ಸಂಬಂಧಿಸಿದ ಕಾಯಿಲೆಗಳಿಗೆ ಮೊದಲ ಬಾರಿಗೆ ಎಂಡೋಸ್ಕೋಪಿಕ್ ಸ್ಪೈನ್ ಸರ್ಜರಿಯ ನೇರ ಪ್ರಾತ್ಯಕ್ಷಿಕಾ ಶಸ್ತ್ರಚಿಕಿತ್ಸೆ ನಡೆಸಲಾಯಿತು. 24 ಗಂಟೆ ನಿರಂತರ ಸೇವೆ ನೀಡುವ ಮೂಲಕ ಆಸ್ಪತ್ರೆಯು ರೋಗಿಗಳಿಗೆ ಉತ್ತಮ ಚಿಕಿತ್ಸೆ ನೀಡುತ್ತಿದೆ ಎಂದು ಜಿಲ್ಲಾ ಆಸ್ಪತ್ರೆಯ ಶಸ್ತ್ರಚಿಕಿತ್ಸಾ ವಿಭಾಗದ ಮುಖ್ಯಸ್ಥರಾದ ಡಾ. ಕೃಷ್ಣಪ್ರಸಾದ್ ತಿಳಿಸಿದರು. ನಗರದ ಜಿಲ್ಲಾ ಆಸ್ಪತ್ರೆಯಲ್ಲಿ ಪತ್ರಕರ್ತರೊಂದಿಗೆ ಮಾತನಾಡಿದ ಅವರು, ಮೊದಲ ಬಾರಿಗೆ ಇಂತಹ ಶಸ್ತ್ರಚಿಕಿತ್ಸೆಯನ್ನು ಯಶಸ್ವಿಯಾಗಿ ನಡೆಸಲಾಗಿದೆ. ರಾಜ್ಯದ ವಿವಿಧ ವೈದ್ಯಕೀಯ ಕಾಲೇಜುಗಳಿಂದ ಬಂದಿದ್ದ ತಜ್ಞ ವೈದ್ಯರು ಈ ಪ್ರಾತ್ಯಕ್ಷಿಕೆಯಲ್ಲಿ ಭಾಗವಹಿಸಿದ್ದರು. ಈ ಶಸ್ತ್ರಚಿಕಿತ್ಸೆಯಿಂದ ರೋಗಿಗಳು ಶೀಘ್ರವಾಗಿ ಗುಣಮುಖರಾಗುತ್ತಾರೆ. ಖಾಸಗಿ ಆಸ್ಪತ್ರೆಗಳಲ್ಲಿ ಲಕ್ಷಾಂತರ ರೂ. ವೆಚ್ಚವಾಗುವ ಈ ಶಸ್ತ್ರಚಿಕಿತ್ಸೆಯನ್ನು ಉಚಿತವಾಗಿ ನೀಡಲಾಗುತ್ತಿದೆ. ಆಯುಷ್ಮಾನ್ ಭಾರತ್ ಆರೋಗ್ಯ ಕರ್ನಾಟಕ ಕಾರ್ಡ್ ಹೊಂದಿರುವವರು ಈ ಸೌಲಭ್ಯವನ್ನು ಪಡೆಯಬಹುದು. ಸಾರ್ವಜನಿಕರು ಸರ್ಕಾರಿ ಆಸ್ಪತ್ರೆಯ ಸೇವೆಗಳನ್ನು ಸದುಪಯೋಗಪಡಿಸಿಕೊಳ್ಳಬೇಕು ಎಂದು ಮನವಿ ಮಾಡಿದರು. ಈ ವೇಳೆ ವೈದ್ಯಕೀಯ ವಿಜ್ಞಾನಗಳ ಸಂಸ್ಥೆಯ ನಿರ್ದೇಶಕರು, ವೈದ್ಯಕೀಯ ಅಧೀಕ್ಷಕರು ಹಾಗೂ ವೈದ್ಯರು ಹಾಜರಿದ್ದರು.
ನಗರದ ವೈದ್ಯಕೀಯ ವಿಜ್ಞಾನಗಳ ಸಂಸ್ಥೆಯ ಬೋಧನಾ ಆಸ್ಪತ್ರೆಯಲ್ಲಿ ನವೆಂಬರ್ 5 ರಂದು ಬೆನ್ನುಹುರಿ ಮತ್ತು ನರಕ್ಕೆ ಸಂಬಂಧಿಸಿದ ಕಾಯಿಲೆಗಳಿಗೆ ಮೊದಲ ಬಾರಿಗೆ ಎಂಡೋಸ್ಕೋಪಿಕ್ ಸ್ಪೈನ್ ಸರ್ಜರಿಯ ನೇರ ಪ್ರಾತ್ಯಕ್ಷಿಕಾ ಶಸ್ತ್ರಚಿಕಿತ್ಸೆ ನಡೆಸಲಾಯಿತು. 24 ಗಂಟೆ ನಿರಂತರ ಸೇವೆ ನೀಡುವ ಮೂಲಕ ಆಸ್ಪತ್ರೆಯು ರೋಗಿಗಳಿಗೆ ಉತ್ತಮ ಚಿಕಿತ್ಸೆ ನೀಡುತ್ತಿದೆ ಎಂದು ಜಿಲ್ಲಾ ಆಸ್ಪತ್ರೆಯ ಶಸ್ತ್ರಚಿಕಿತ್ಸಾ ವಿಭಾಗದ ಮುಖ್ಯಸ್ಥರಾದ ಡಾ. ಕೃಷ್ಣಪ್ರಸಾದ್ ತಿಳಿಸಿದರು. ನಗರದ ಜಿಲ್ಲಾ ಆಸ್ಪತ್ರೆಯಲ್ಲಿ ಪತ್ರಕರ್ತರೊಂದಿಗೆ ಮಾತನಾಡಿದ ಅವರು, ಮೊದಲ ಬಾರಿಗೆ ಇಂತಹ ಶಸ್ತ್ರಚಿಕಿತ್ಸೆಯನ್ನು ಯಶಸ್ವಿಯಾಗಿ ನಡೆಸಲಾಗಿದೆ. ರಾಜ್ಯದ ವಿವಿಧ ವೈದ್ಯಕೀಯ ಕಾಲೇಜುಗಳಿಂದ ಬಂದಿದ್ದ ತಜ್ಞ ವೈದ್ಯರು ಈ ಪ್ರಾತ್ಯಕ್ಷಿಕೆಯಲ್ಲಿ ಭಾಗವಹಿಸಿದ್ದರು. ಈ ಶಸ್ತ್ರಚಿಕಿತ್ಸೆಯಿಂದ ರೋಗಿಗಳು ಶೀಘ್ರವಾಗಿ ಗುಣಮುಖರಾಗುತ್ತಾರೆ. ಖಾಸಗಿ ಆಸ್ಪತ್ರೆಗಳಲ್ಲಿ ಲಕ್ಷಾಂತರ ರೂ. ವೆಚ್ಚವಾಗುವ ಈ ಶಸ್ತ್ರಚಿಕಿತ್ಸೆಯನ್ನು ಉಚಿತವಾಗಿ ನೀಡಲಾಗುತ್ತಿದೆ. ಆಯುಷ್ಮಾನ್ ಭಾರತ್ ಆರೋಗ್ಯ ಕರ್ನಾಟಕ ಕಾರ್ಡ್ ಹೊಂದಿರುವವರು ಈ ಸೌಲಭ್ಯವನ್ನು ಪಡೆಯಬಹುದು. ಸಾರ್ವಜನಿಕರು ಸರ್ಕಾರಿ ಆಸ್ಪತ್ರೆಯ ಸೇವೆಗಳನ್ನು ಸದುಪಯೋಗಪಡಿಸಿಕೊಳ್ಳಬೇಕು ಎಂದು ಮನವಿ ಮಾಡಿದರು. ಈ ವೇಳೆ ವೈದ್ಯಕೀಯ ವಿಜ್ಞಾನಗಳ ಸಂಸ್ಥೆಯ ನಿರ್ದೇಶಕರು, ವೈದ್ಯಕೀಯ ಅಧೀಕ್ಷಕರು ಹಾಗೂ ವೈದ್ಯರು ಹಾಜರಿದ್ದರು.
50 ದಿನಗಳ ಸರಣಿ ರಾಜ್ಯೋತ್ಸವ
ಚಾಮರಾಜನಗರ: ಅಖಿಲ ಕರ್ನಾಟಕ ಕನ್ನಡ ಮಹಾಸಭಾ ಹಾಗೂ ಜಿಲ್ಲಾ ಮತ್ತು ತಾಲ್ಲೂಕು ಕನ್ನಡ ಸಾಹಿತ್ಯ ಪರಿಷತ್ ವತಿಯಿಂದ ನಗರದ ಸರ್ಕಾರಿ ಪ್ರೌಢಶಾಲೆ ಆವರಣದಲ್ಲಿ ಕನ್ನಡ ರಾಜ್ಯೋತ್ಸವದ ಅಂಗವಾಗಿ 50 ದಿನಗಳ ಸರಣಿ ರಾಜ್ಯೋತ್ಸವ ಕಾರ್ಯಕ್ರಮಕ್ಕೆ ಚಾಲನೆ ನೀಡಲಾಯಿತು. ಕಾರ್ಯಕ್ರಮ ಉದ್ಘಾಟಿಸಿ ಮಾತನಾಡಿದ ಮುಖಂಡರು, ಕನ್ನಡ ನಾಡು, ನುಡಿ, ಸಂಸ್ಕೃತಿಯ ರಕ್ಷಣೆ ಪ್ರತಿಯೊಬ್ಬರ ಕರ್ತವ್ಯ. ಮಕ್ಕಳಲ್ಲಿ ಕನ್ನಡ ಭಾಷೆಯ ಬಗ್ಗೆ ಅಭಿಮಾನ ಬೆಳೆಸಬೇಕು ಎಂದರು. ಸಮಾರಂಭದಲ್ಲಿ ಕನ್ನಡಪರ ಸಂಘಟನೆಗಳ ಪದಾಧಿಕಾರಿಗಳು, ಸಾಹಿತಿಗಳು, ಶಿಕ್ಷಕರು ಹಾಗೂ ವಿದ್ಯಾರ್ಥಿಗಳು ಭಾಗವಹಿಸಿದ್ದರು. ಹುಟ್ಟೂರು ಕನ್ನಡ ಪ್ರಜ್ಞೆಯನ್ನು ಬೆಳೆಸುವ ಉದ್ದೇಶದಿಂದ ಪ್ರತಿ ದಿನ ಒಂದೊಂದು ಗ್ರಾಮದಲ್ಲಿ ಕಾರ್ಯಕ್ರಮ ಆಯೋಜಿಸಲಾಗುವುದು. ಕನ್ನಡ ನಾಡಿನ ಇತಿಹಾಸ, ಕವಿಗಳು, ಸಾಹಿತಿಗಳು, ಹೋರಾಟಗಾರರ ಬಗ್ಗೆ ಉಪನ್ಯಾಸ ನೀಡಲಾಗುವುದು. ನಿರಂತರ 50 ದಿನಗಳ ಕನ್ನಡ ರಾಜ್ಯೋತ್ಸವ ಕಾರ್ಯಕ್ರಮ ನಡೆಯಲಿದೆ ಎಂದು ಆಯೋಜಕರು ತಿಳಿಸಿದರು.
ಅಭಿವೃದ್ಧಿ ಕಾಮಗಾರಿಗೆ ಶಾಸಕ ಸಿ.ಪುಟ್ಟರಂಗಶೆಟ್ಟಿ ಭೂಮಿಪೂಜೆ
ಚಾಮರಾಜನಗರ: ತಾಲ್ಲೂಕಿನ ಹರದನಹಳ್ಳಿ ಹಾಗೂ ವಿವಿಧ ಗ್ರಾಮಗಳಲ್ಲಿ ಲೋಕೋಪಯೋಗಿ ಇಲಾಖೆ ವತಿಯಿಂದ ಕೈಗೊಂಡಿರುವ ರಸ್ತೆ ಹಾಗೂ ಚರಂಡಿ ಅಭಿವೃದ್ಧಿ ಕಾಮಗಾರಿಗಳಿಗೆ ಶಾಸಕ ಸಿ.ಪುಟ್ಟರಂಗಶೆಟ್ಟಿ ಭೂಮಿಪೂಜೆ ನೆರವೇರಿಸಿದರು. ಬಳಿಕ ಮಾತನಾಡಿದ ಅವರು, ಕ್ಷೇತ್ರದ ಪ್ರತಿ ಗ್ರಾಮದಲ್ಲೂ ಮೂಲಭೂತ ಸೌಕರ್ಯ ಒದಗಿಸಲು ಆದ್ಯತೆ ನೀಡಲಾಗಿದೆ. ರಾಜ್ಯ ಸರ್ಕಾರದಿಂದ ಕ್ಷೇತ್ರದ ಅಭಿವೃದ್ಧಿಗೆ ಹೆಚ್ಚಿನ ಅನುದಾನ ಬಿಡುಗಡೆಯಾಗಿದೆ. 1 ಕೋಟಿ ರೂ.ವೆಚ್ಚದಲ್ಲಿ ರಸ್ತೆ ಕಾಮಗಾರಿ ಕೈಗೊಳ್ಳಲಾಗುವುದು. ಗುಣಮಟ್ಟದ ಕಾಮಗಾರಿಯನ್ನು ನಿಗದಿತ ಅವಧಿಯಲ್ಲಿ ಪೂರ್ಣಗೊಳಿಸಬೇಕು ಎಂದು ಗುತ್ತಿಗೆದಾರರಿಗೆ ಸೂಚಿಸಿದರು. ಈ ಸಂದರ್ಭದಲ್ಲಿ ಗ್ರಾಮ ಪಂಚಾಯಿತಿ ಅಧ್ಯಕ್ಷರು, ಸದಸ್ಯರು, ಲೋಕೋಪಯೋಗಿ ಇಲಾಖೆ ಅಧಿಕಾರಿಗಳು, ಮುಖಂಡರು ಹಾಗೂ ಗ್ರಾಮಸ್ಥರು ಉಪಸ್ಥಿತರಿದ್ದರು.
ಮೆಕ್ಕೆ ಜೋಳದ ಕ್ಷೇತ್ರೋತ್ಸವ
ಚಾಮರಾಜನಗರ: ನವೆಂಬರ್ 5 ಮೆಕ್ಕೆ ಜೋಳ ಬೆಳೆಯುವ ರೈತರ ಜಮೀನಿನಲ್ಲಿ ಕೃಷಿ ವಿಜ್ಞಾನ ಕೇಂದ್ರ ಹಾಗೂ ಕೃಷಿ ಇಲಾಖೆ ವತಿಯಿಂದ ಮೆಕ್ಕೆ ಜೋಳದ ಕ್ಷೇತ್ರೋತ್ಸವ ಕಾರ್ಯಕ್ರಮ ಆಯೋಜಿಸಲಾಗಿತ್ತು. ತಾಲ್ಲೂಕಿನ ಮಹದೇವಪ್ಪ ಗ್ರಾಮದ ರೈತರ ಜಮೀನಿನಲ್ಲಿ ನಡೆದ ಕ್ಷೇತ್ರೋತ್ಸವದಲ್ಲಿ ಹೊಸ ತಳಿಯ ಮೆಕ್ಕೆ ಜೋಳ ಬೆಳೆಯುವ ವಿಧಾನ, ರೋಗ ನಿರ್ವಹಣೆ ಹಾಗೂ ಉತ್ತಮ ಇಳುವರಿ ಪಡೆಯುವ ಕುರಿತು ಮಾಹಿತಿ ನೀಡಲಾಯಿತು. ಕೃಷಿ ವಿಜ್ಞಾನಿಗಳು ಮಾತನಾಡಿ, ರೈತರು ಆಧುನಿಕ ತಂತ್ರಜ್ಞಾನ ಬಳಸಿ ಹೆಚ್ಚಿನ ಇಳುವರಿ ಪಡೆಯಬೇಕು. ಸಮಗ್ರ ಕೀಟ ನಿರ್ವಹಣೆ ಮೂಲಕ ಬೆಳೆ ರಕ್ಷಣೆ ಮಾಡಬೇಕು ಎಂದರು. ಪ್ರತಿ ಎಕರೆಗೆ ಸುಮಾರು 35-40 ಕ್ವಿಂಟಾಲ್ ಇಳುವರಿ ಪಡೆಯಬಹುದು. ಈ ಸಂದರ್ಭದಲ್ಲಿ ಕೃಷಿ ಇಲಾಖೆ ಅಧಿಕಾರಿಗಳು, ಪ್ರಗತಿಪರ ರೈತರು ಹಾಗೂ ಗ್ರಾಮಸ್ಥರು ಉಪಸ್ಥಿತರಿದ್ದರು.
